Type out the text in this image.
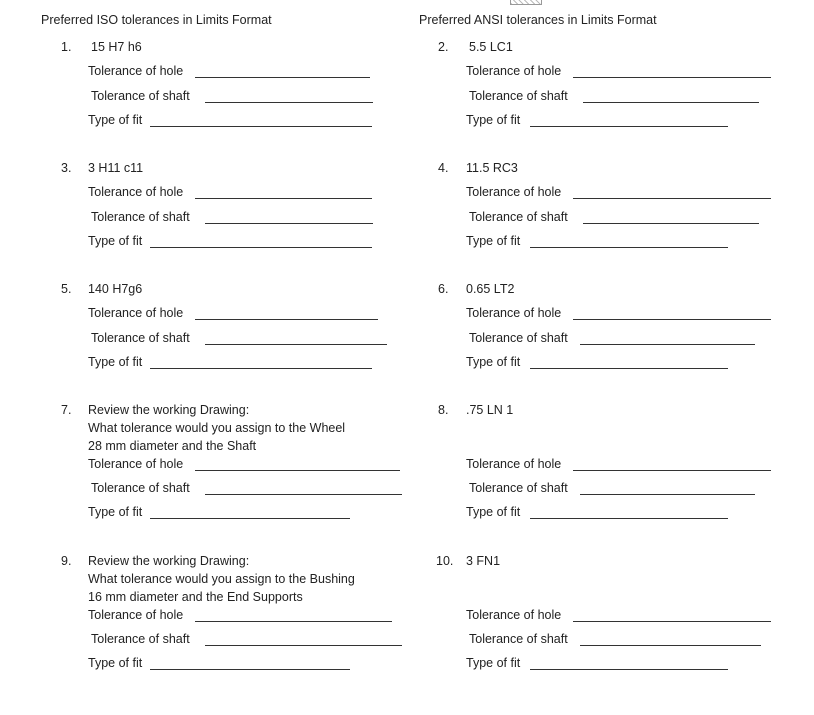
Preferred ISO tolerances in Limits Format	Preferred ANSI tolerances in Limits Format
1. 15 H7 h6
Tolerance of hole
Tolerance of shaft
Type of fit
2. 5.5 LC1
Tolerance of hole
Tolerance of shaft
Type of fit
3. 3 H11 c11
Tolerance of hole
Tolerance of shaft
Type of fit
4. 11.5 RC3
Tolerance of hole
Tolerance of shaft
Type of fit
5. 140 H7g6
Tolerance of hole
Tolerance of shaft
Type of fit
6. 0.65 LT2
Tolerance of hole
Tolerance of shaft
Type of fit
7. Review the working Drawing:
What tolerance would you assign to the Wheel
28 mm diameter and the Shaft
Tolerance of hole
Tolerance of shaft
Type of fit
8. .75 LN 1
Tolerance of hole
Tolerance of shaft
Type of fit
9. Review the working Drawing:
What tolerance would you assign to the Bushing
16 mm diameter and the End Supports
Tolerance of hole
Tolerance of shaft
Type of fit
10. 3 FN1
Tolerance of hole
Tolerance of shaft
Type of fit
